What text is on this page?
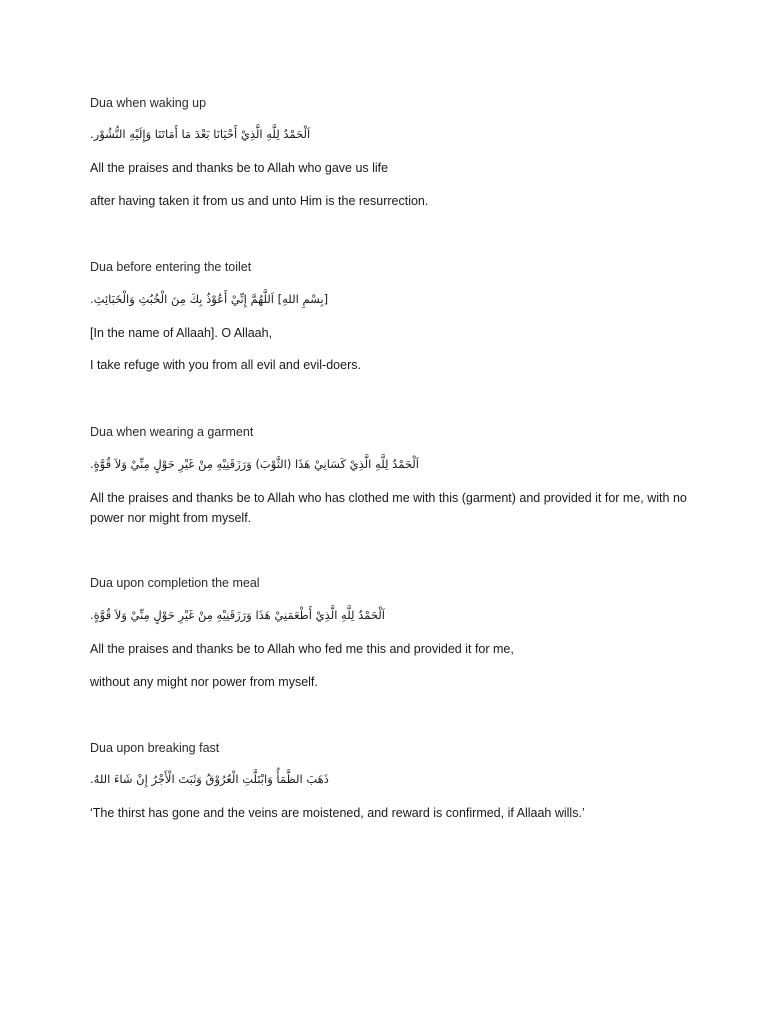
Dua when waking up
اَلْحَمْدُ لِلَّهِ الَّذِيْ أَحْيَانَا بَعْدَ مَا أَمَاتَنَا وَإِلَيْهِ النُّشُوْر.
All the praises and thanks be to Allah who gave us life
after having taken it from us and unto Him is the resurrection.
Dua before entering the toilet
[بِسْمِ اللهِ] اَللَّهُمَّ إِنِّيْ أَعُوْذُ بِكَ مِنَ الْخُبُثِ وَالْخَبَائِثِ.
[In the name of Allaah]. O Allaah,
I take refuge with you from all evil and evil-doers.
Dua when wearing a garment
اَلْحَمْدُ لِلَّهِ الَّذِيْ كَسَانِيْ هَذَا (الثَّوْبَ) وَرَزَقَنِيْهِ مِنْ غَيْرِ حَوْلٍ مِنِّيْ وَلاَ قُوَّةٍ.
All the praises and thanks be to Allah who has clothed me with this (garment) and provided it for me, with no power nor might from myself.
Dua upon completion the meal
اَلْحَمْدُ لِلَّهِ الَّذِيْ أَطْعَمَنِيْ هَذَا وَرَزَقَنِيْهِ مِنْ غَيْرِ حَوْلٍ مِنِّيْ وَلاَ قُوَّةٍ.
All the praises and thanks be to Allah who fed me this and provided it for me,
without any might nor power from myself.
Dua upon breaking fast
ذَهَبَ الظَّمَأُ وَابْتَلَّتِ الْعُرُوْقُ وَثَبَتَ الْأَجْرُ إِنْ شَاءَ اللهُ.
‘The thirst has gone and the veins are moistened, and reward is confirmed, if Allaah wills.’
